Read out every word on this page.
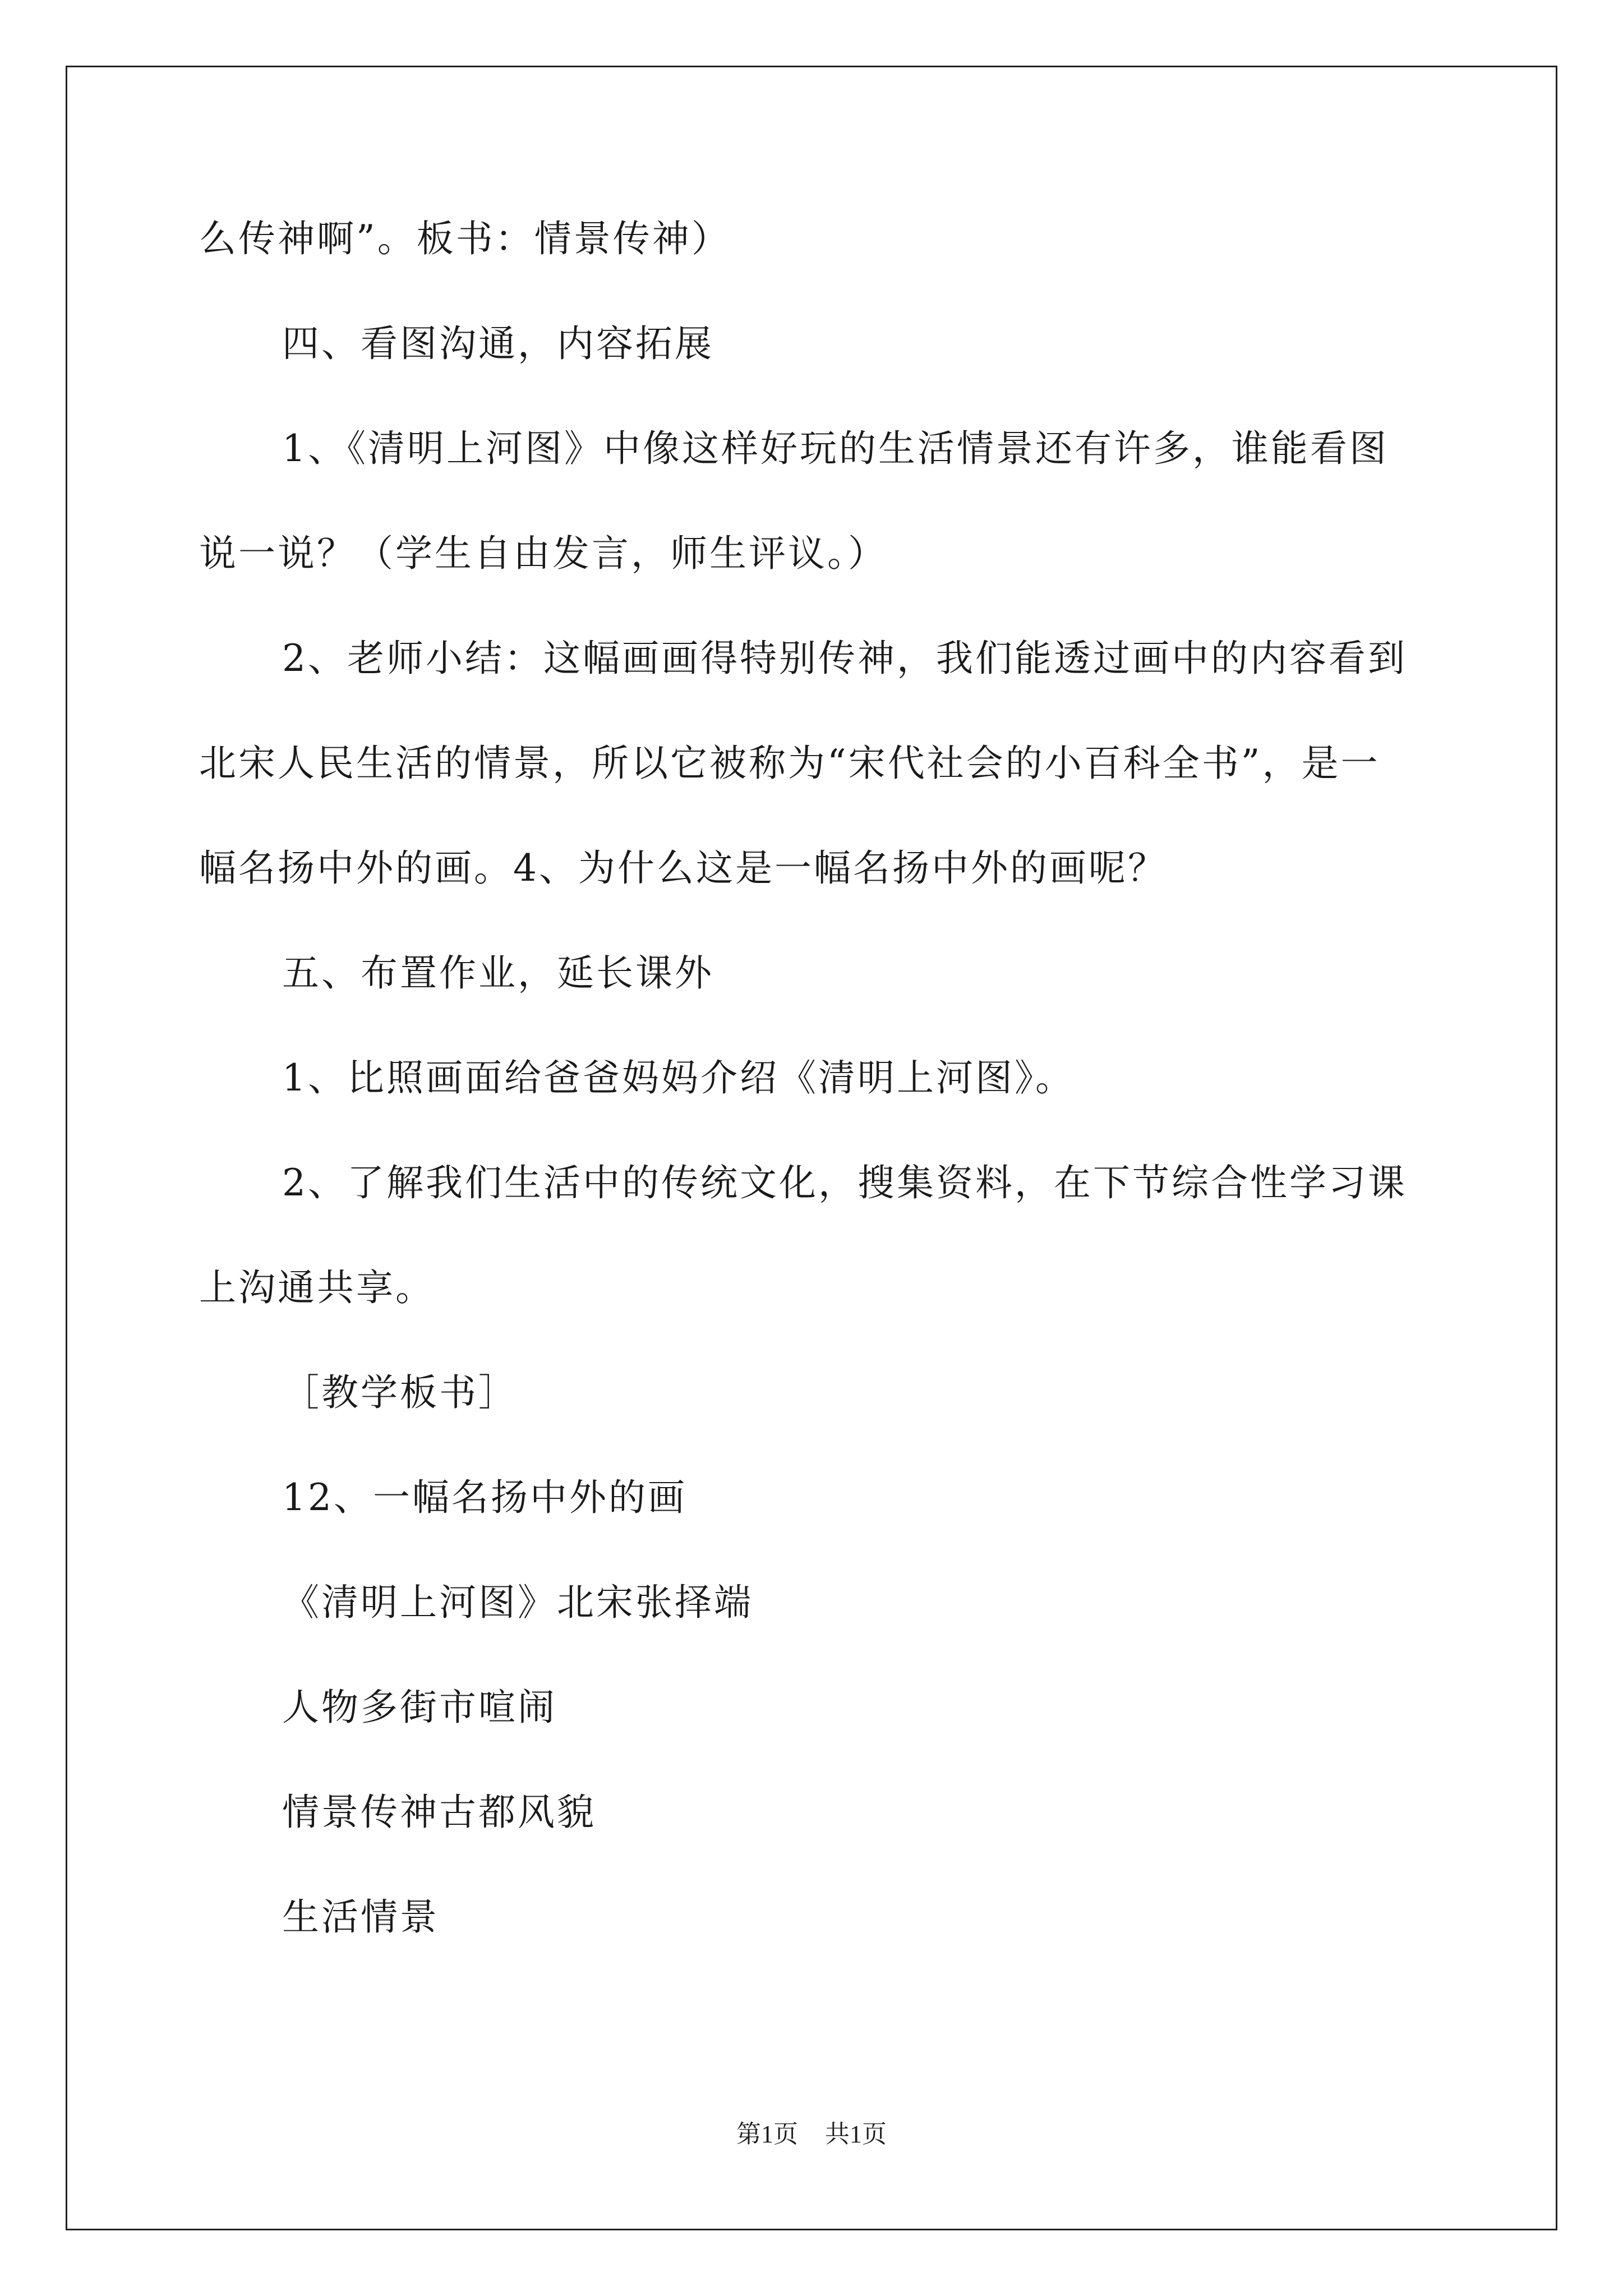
么传神啊”。板书：情景传神）
四、看图沟通，内容拓展
1、《清明上河图》中像这样好玩的生活情景还有许多，谁能看图
说一说？（学生自由发言，师生评议。）
2、老师小结：这幅画画得特别传神，我们能透过画中的内容看到
北宋人民生活的情景，所以它被称为“宋代社会的小百科全书”，是一
幅名扬中外的画。4、为什么这是一幅名扬中外的画呢？
五、布置作业，延长课外
1、比照画面给爸爸妈妈介绍《清明上河图》。
2、了解我们生活中的传统文化，搜集资料，在下节综合性学习课
上沟通共享。
［教学板书］
12、一幅名扬中外的画
《清明上河图》北宋张择端
人物多街市喧闹
情景传神古都风貌
生活情景
第1页 共1页
